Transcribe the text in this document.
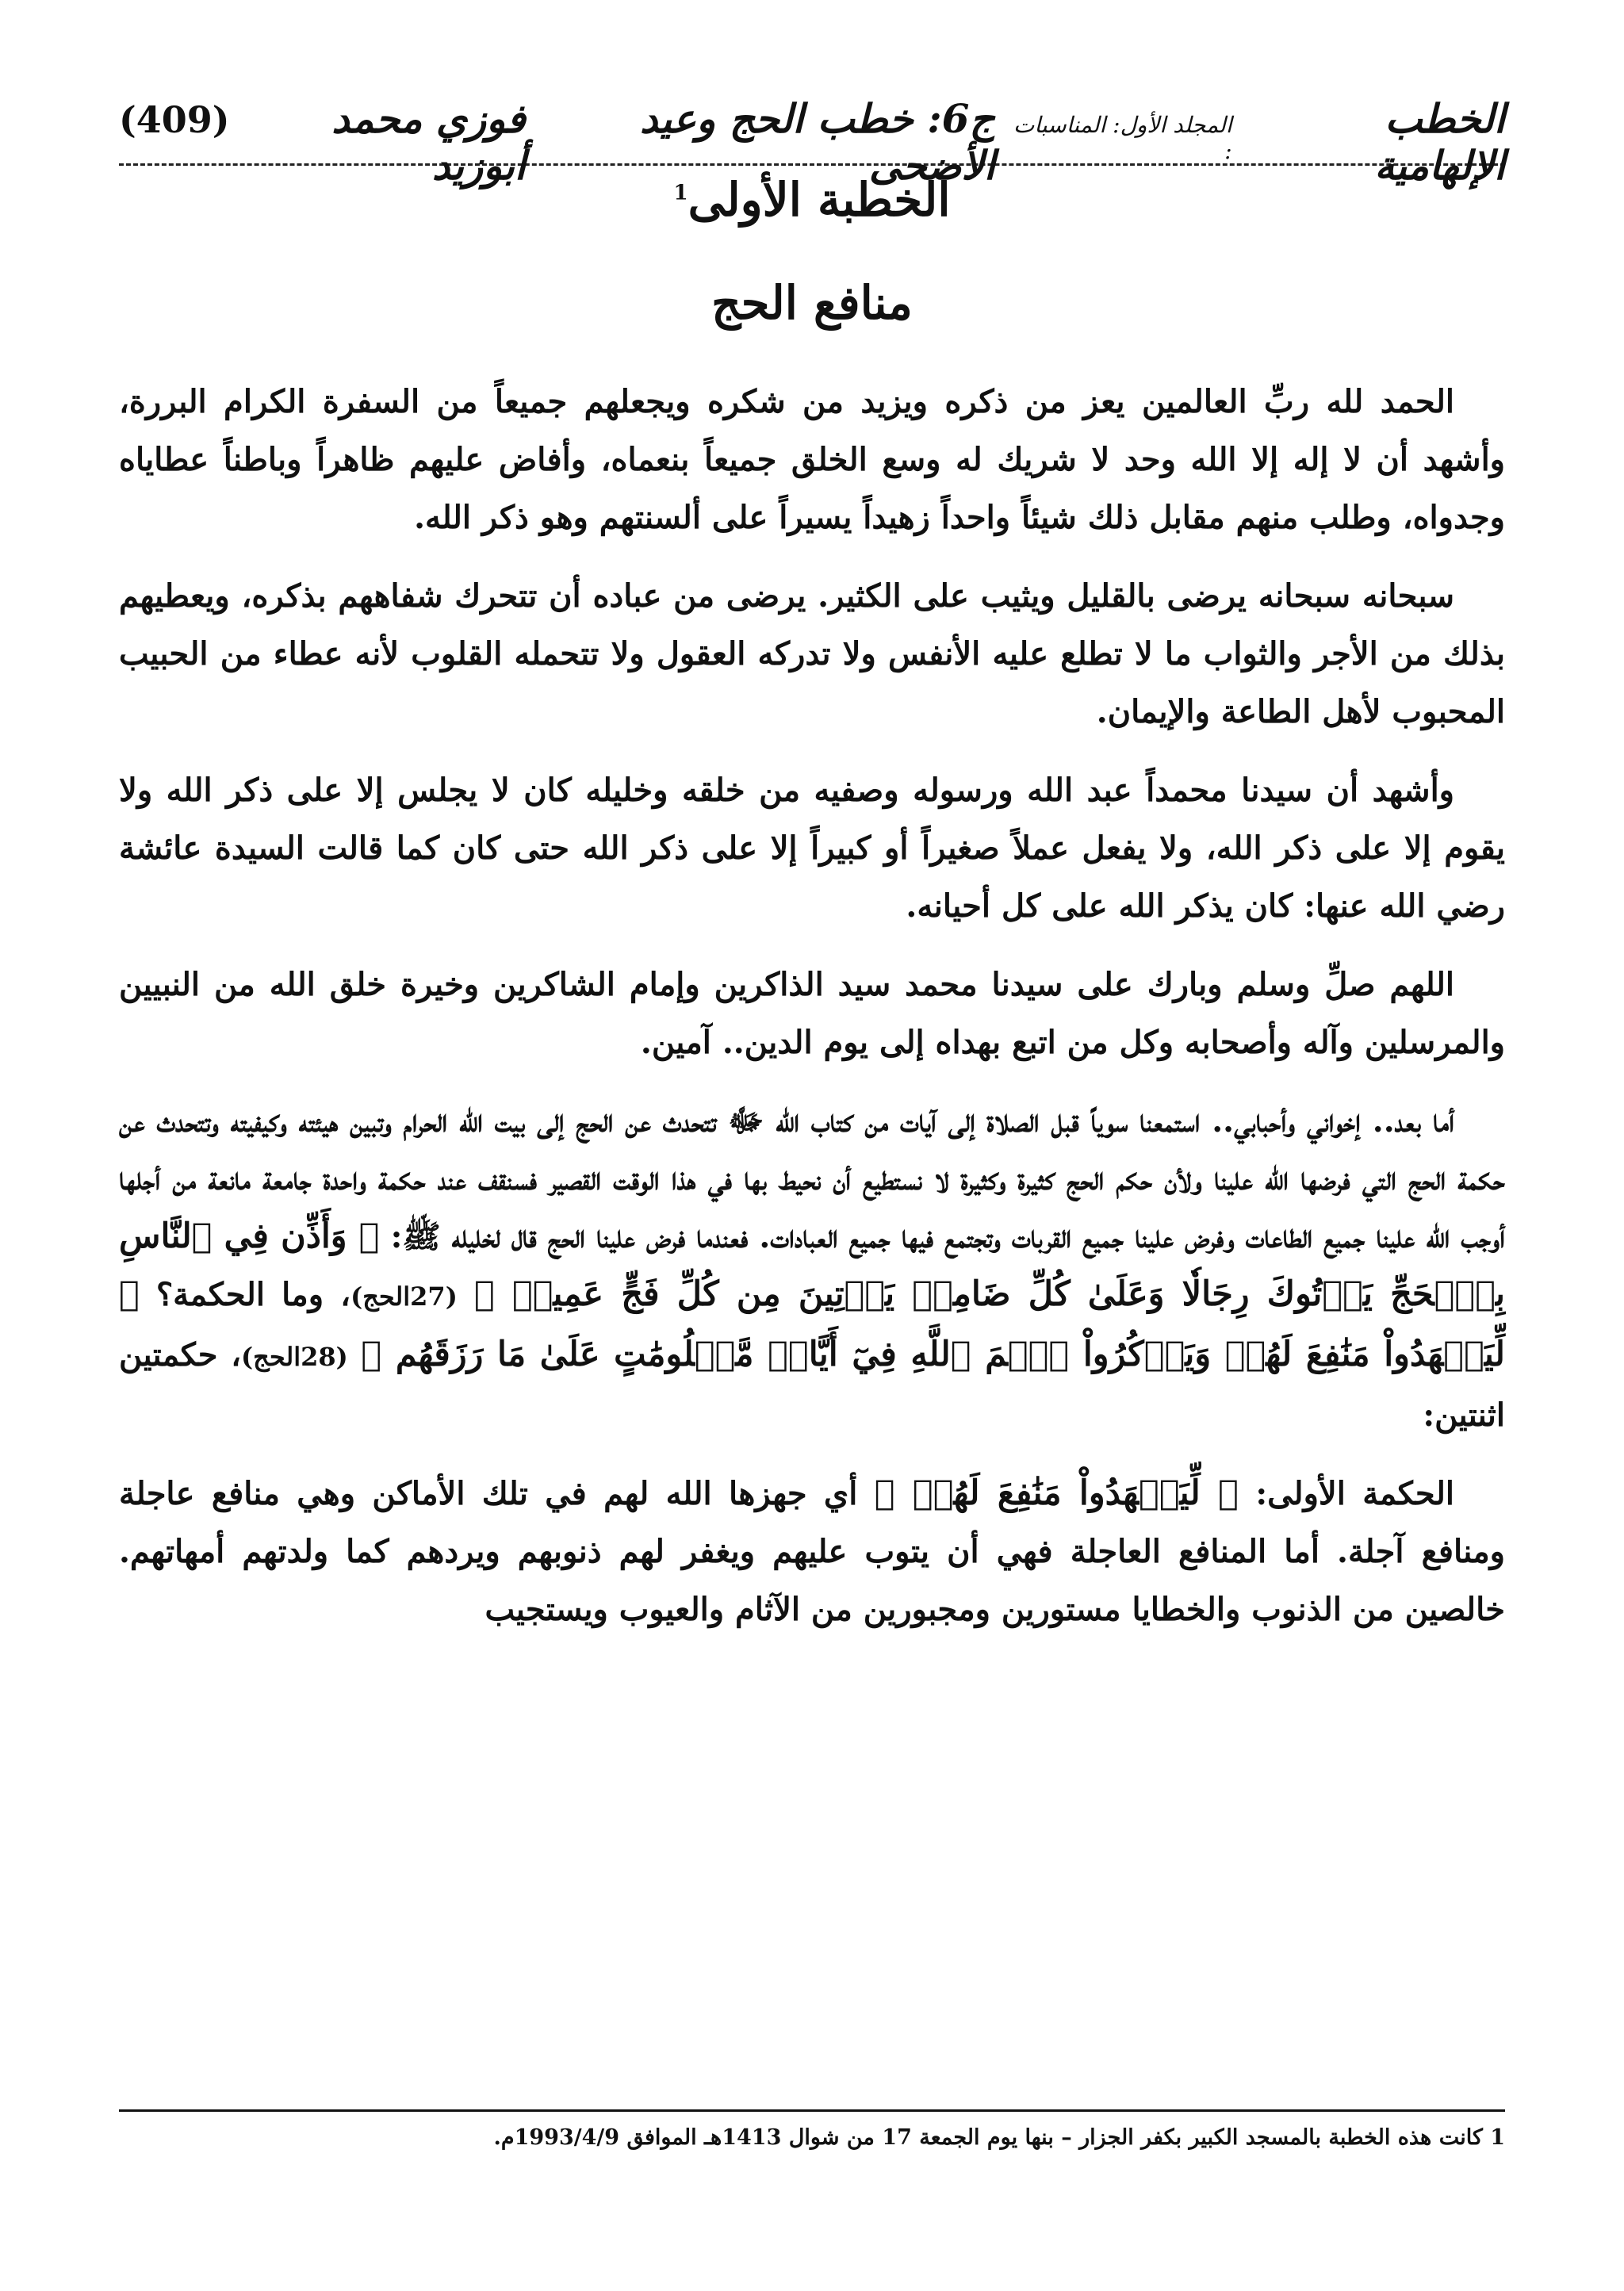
الخطب الإلهامية
المجلد الأول: المناسبات :
ج6: خطب الحج وعيد الأضحى
فوزي محمد أبوزيد
(409)
الخطبة الأولى$^1$
منافع الحج

الحمد لله ربِّ العالمين يعز من ذكره ويزيد من شكره ويجعلهم جميعاً من السفرة الكرام البررة، وأشهد أن لا إله إلا الله وحد لا شريك له وسع الخلق جميعاً بنعماه، وأفاض عليهم ظاهراً وباطناً عطاياه وجدواه، وطلب منهم مقابل ذلك شيئاً واحداً زهيداً يسيراً على ألسنتهم وهو ذكر الله.

سبحانه سبحانه يرضى بالقليل ويثيب على الكثير. يرضى من عباده أن تتحرك شفاههم بذكره، ويعطيهم بذلك من الأجر والثواب ما لا تطلع عليه الأنفس ولا تدركه العقول ولا تتحمله القلوب لأنه عطاء من الحبيب المحبوب لأهل الطاعة والإيمان.

وأشهد أن سيدنا محمداً عبد الله ورسوله وصفيه من خلقه وخليله كان لا يجلس إلا على ذكر الله ولا يقوم إلا على ذكر الله، ولا يفعل عملاً صغيراً أو كبيراً إلا على ذكر الله حتى كان كما قالت السيدة عائشة رضي الله عنها: كان يذكر الله على كل أحيانه.

اللهم صلِّ وسلم وبارك على سيدنا محمد سيد الذاكرين وإمام الشاكرين وخيرة خلق الله من النبيين والمرسلين وآله وأصحابه وكل من اتبع بهداه إلى يوم الدين.. آمين.

أما بعد.. إخواني وأحبابي.. استمعنا سوياً قبل الصلاة إلى آيات من كتاب الله ﷻ تتحدث عن الحج إلى بيت الله الحرام وتبين هيئته وكيفيته وتتحدث عن حكمة الحج التي فرضها الله علينا ولأن حكم الحج كثيرة وكثيرة لا نستطيع أن نحيط بها في هذا الوقت القصير فسنقف عند حكمة واحدة جامعة مانعة من أجلها أوجب الله علينا جميع الطاعات وفرض علينا جميع القربات وتجتمع فيها جميع العبادات. فعندما فرض علينا الحج قال لخليله ﷺ: ﴿ وَأَذِّن فِي ٱلنَّاسِ بِٱلۡحَجِّ يَأۡتُوكَ رِجَالٗا وَعَلَىٰ كُلِّ ضَامِرٖ يَأۡتِينَ مِن كُلِّ فَجٍّ عَمِيقٖ ﴾ (27الحج)، وما الحكمة؟ ﴿ لِّيَشۡهَدُواْ مَنَٰفِعَ لَهُمۡ وَيَذۡكُرُواْ ٱسۡمَ ٱللَّهِ فِيٓ أَيَّامٖ مَّعۡلُومَٰتٍ عَلَىٰ مَا رَزَقَهُم ﴾ (28الحج)، حكمتين اثنتين:

الحكمة الأولى: ﴿ لِّيَشۡهَدُواْ مَنَٰفِعَ لَهُمۡ ﴾ أي جهزها الله لهم في تلك الأماكن وهي منافع عاجلة ومنافع آجلة. أما المنافع العاجلة فهي أن يتوب عليهم ويغفر لهم ذنوبهم ويردهم كما ولدتهم أمهاتهم. خالصين من الذنوب والخطايا مستورين ومجبورين من الآثام والعيوب ويستجيب

1 كانت هذه الخطبة بالمسجد الكبير بكفر الجزار – بنها يوم الجمعة 17 من شوال 1413هـ الموافق 1993/4/9م.
